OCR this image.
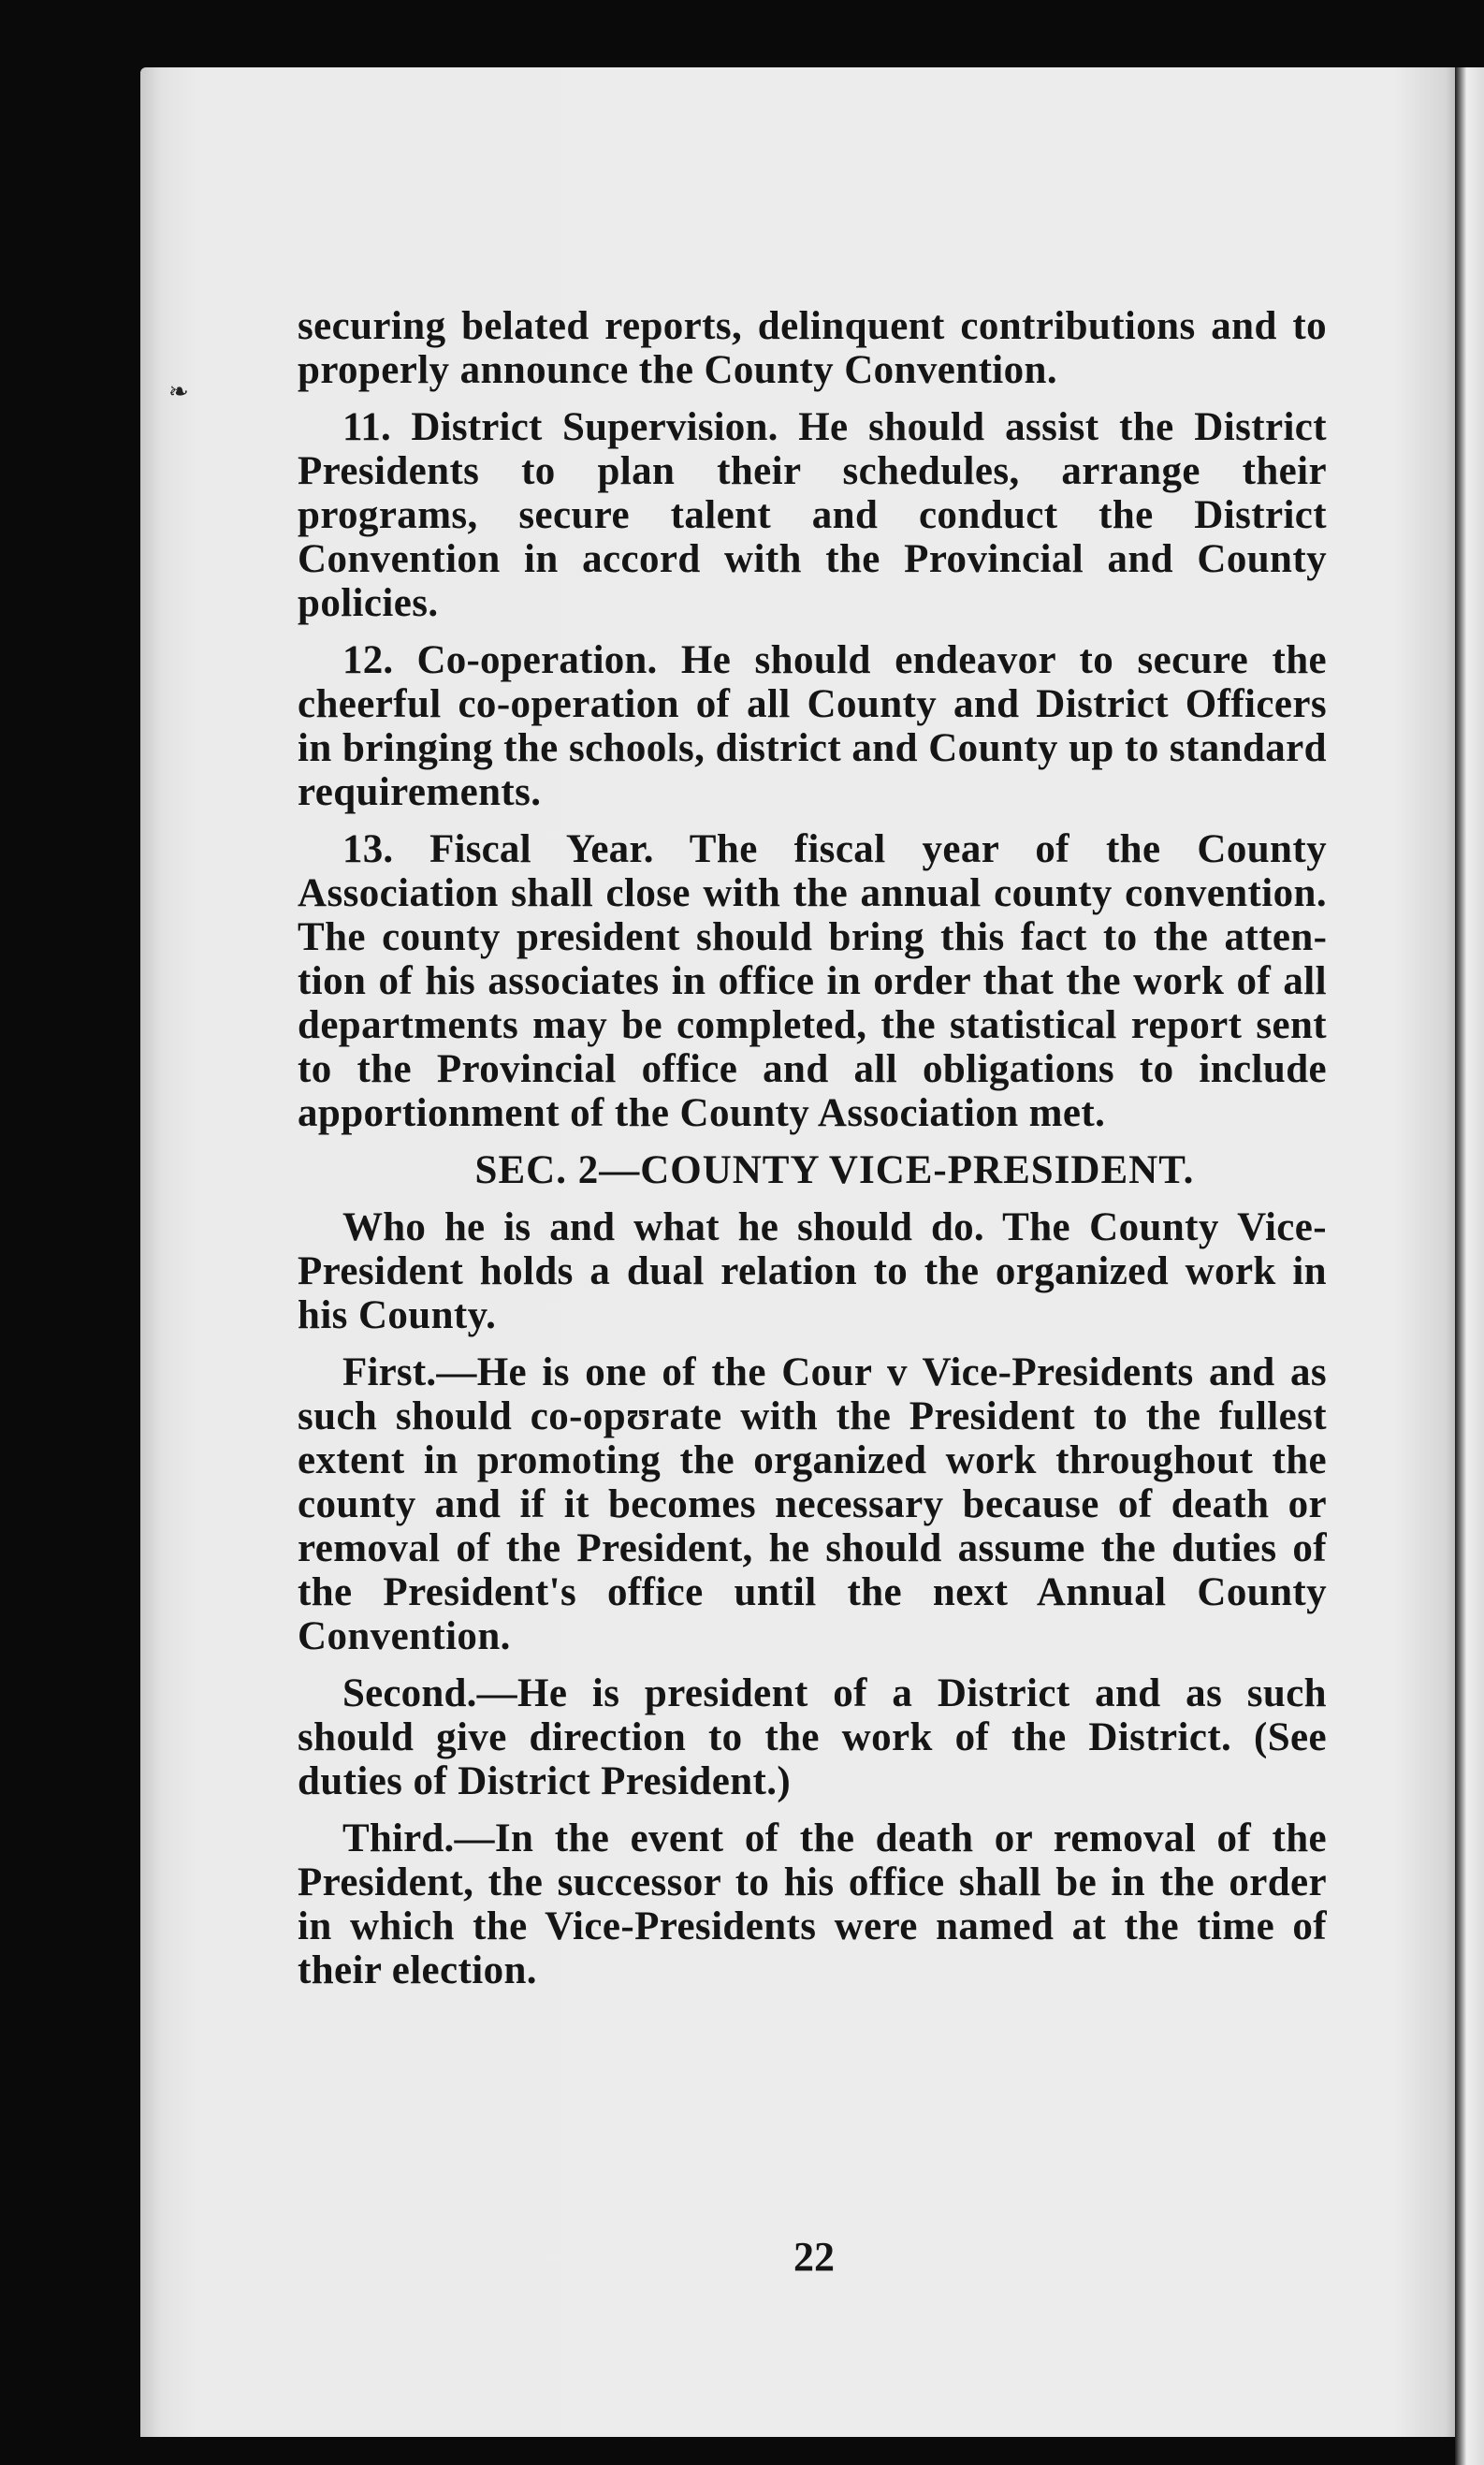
❧

securing belated reports, delinquent contributions and to properly announce the County Convention.

11. District Supervision. He should assist the District Presidents to plan their schedules, arrange their programs, secure talent and conduct the District Convention in accord with the Provincial and County policies.

12. Co-operation. He should endeavor to secure the cheerful co-operation of all County and District Officers in bringing the schools, district and County up to standard requirements.

13. Fiscal Year. The fiscal year of the County Association shall close with the annual county convention. The county president should bring this fact to the attention of his associates in office in order that the work of all departments may be completed, the statistical report sent to the Provincial office and all obligations to include apportionment of the County Association met.

SEC. 2—COUNTY VICE-PRESIDENT.

Who he is and what he should do. The County Vice-President holds a dual relation to the organized work in his County.

First.—He is one of the Cour v Vice-Presidents and as such should co-opʊrate with the President to the fullest extent in promoting the organized work throughout the county and if it becomes necessary because of death or removal of the President, he should assume the duties of the President's office until the next Annual County Convention.

Second.—He is president of a District and as such should give direction to the work of the District. (See duties of District President.)

Third.—In the event of the death or removal of the President, the successor to his office shall be in the order in which the Vice-Presidents were named at the time of their election.

22
